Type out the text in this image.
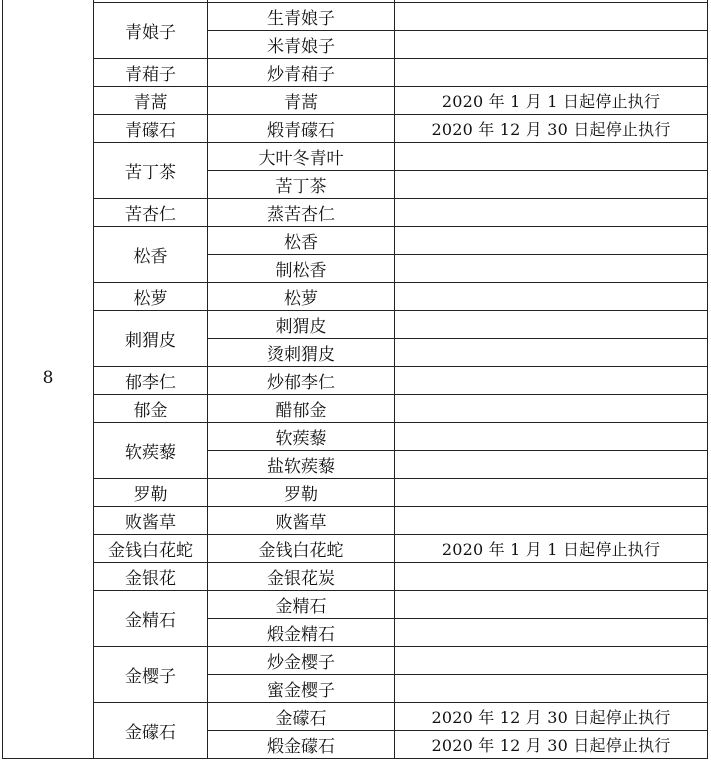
8			
	青娘子	生青娘子	
		米青娘子	
	青葙子	炒青葙子	
	青蒿	青蒿	2020 年 1 月 1 日起停止执行
	青礞石	煅青礞石	2020 年 12 月 30 日起停止执行
	苦丁茶	大叶冬青叶	
		苦丁茶	
	苦杏仁	蒸苦杏仁	
	松香	松香	
		制松香	
	松萝	松萝	
	刺猬皮	刺猬皮	
		烫刺猬皮	
	郁李仁	炒郁李仁	
	郁金	醋郁金	
	软蒺藜	软蒺藜	
		盐软蒺藜	
	罗勒	罗勒	
	败酱草	败酱草	
	金钱白花蛇	金钱白花蛇	2020 年 1 月 1 日起停止执行
	金银花	金银花炭	
	金精石	金精石	
		煅金精石	
	金樱子	炒金樱子	
		蜜金樱子	
	金礞石	金礞石	2020 年 12 月 30 日起停止执行
		煅金礞石	2020 年 12 月 30 日起停止执行
